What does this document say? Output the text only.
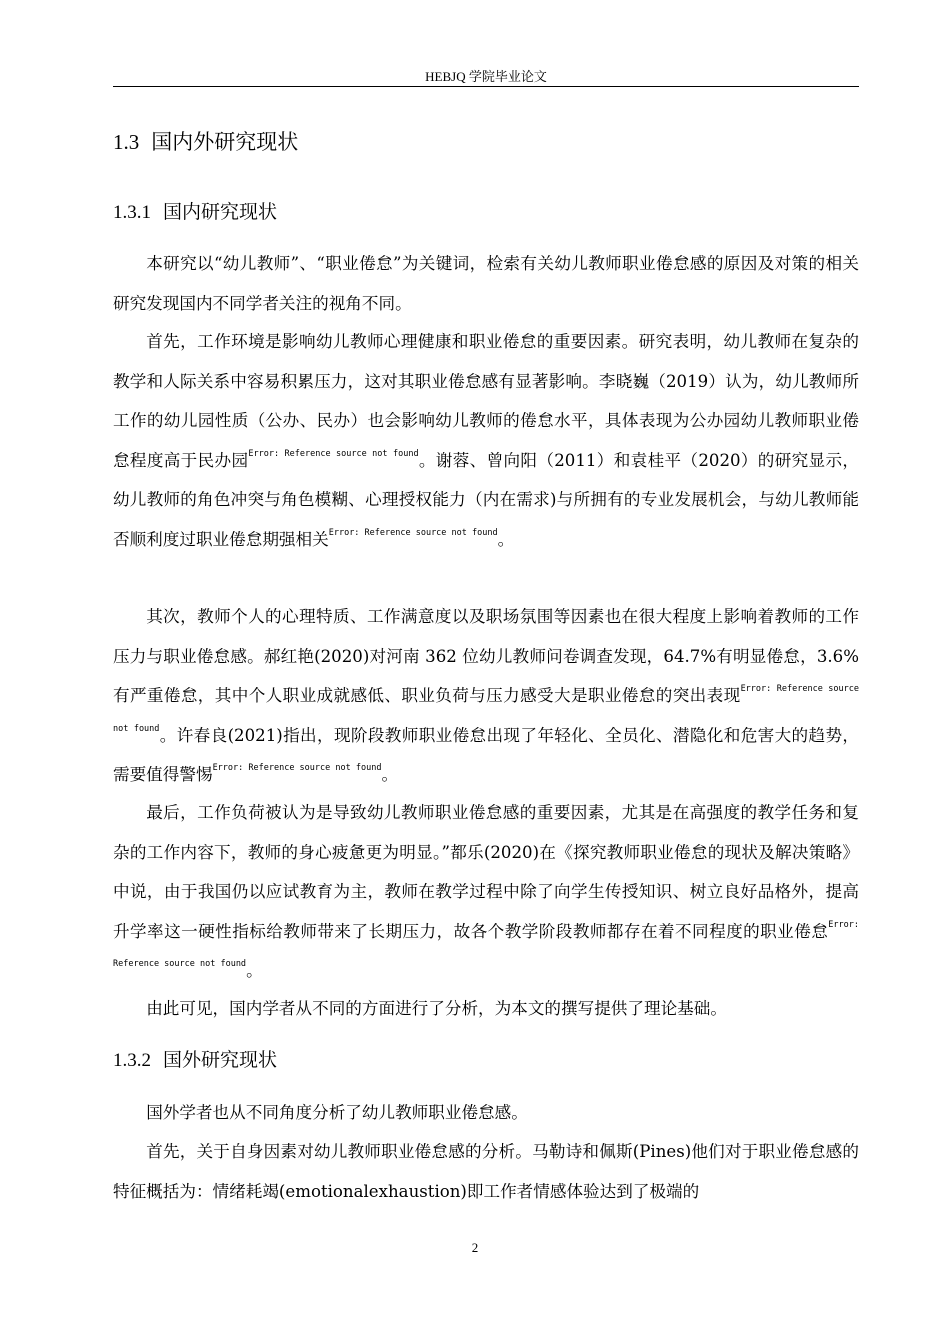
HEBJQ 学院毕业论文
1.3 国内外研究现状
1.3.1 国内研究现状

本研究以“幼儿教师”、“职业倦怠”为关键词，检索有关幼儿教师职业倦怠感的原因及对策的相关研究发现国内不同学者关注的视角不同。

首先，工作环境是影响幼儿教师心理健康和职业倦怠的重要因素。研究表明，幼儿教师在复杂的教学和人际关系中容易积累压力，这对其职业倦怠感有显著影响。李晓巍（2019）认为，幼儿教师所工作的幼儿园性质（公办、民办）也会影响幼儿教师的倦怠水平，具体表现为公办园幼儿教师职业倦怠程度高于民办园$^{Error: Reference source not found}$。谢蓉、曾向阳（2011）和袁桂平（2020）的研究显示，幼儿教师的角色冲突与角色模糊、心理授权能力（内在需求)与所拥有的专业发展机会，与幼儿教师能否顺利度过职业倦怠期强相关$^{Error: Reference source not found}$。

其次，教师个人的心理特质、工作满意度以及职场氛围等因素也在很大程度上影响着教师的工作压力与职业倦怠感。郝红艳(2020)对河南 362 位幼儿教师问卷调查发现，64.7%有明显倦怠，3.6%有严重倦怠，其中个人职业成就感低、职业负荷与压力感受大是职业倦怠的突出表现$^{Error: Reference source not found}$。许春良(2021)指出，现阶段教师职业倦怠出现了年轻化、全员化、潜隐化和危害大的趋势，需要值得警惕$^{Error: Reference source not found}$。

最后，工作负荷被认为是导致幼儿教师职业倦怠感的重要因素，尤其是在高强度的教学任务和复杂的工作内容下，教师的身心疲惫更为明显。”都乐(2020)在《探究教师职业倦怠的现状及解决策略》中说，由于我国仍以应试教育为主，教师在教学过程中除了向学生传授知识、树立良好品格外，提高升学率这一硬性指标给教师带来了长期压力，故各个教学阶段教师都存在着不同程度的职业倦怠$^{Error: Reference source not found}$。

由此可见，国内学者从不同的方面进行了分析，为本文的撰写提供了理论基础。

1.3.2 国外研究现状

国外学者也从不同角度分析了幼儿教师职业倦怠感。

首先，关于自身因素对幼儿教师职业倦怠感的分析。马勒诗和佩斯(Pines)他们对于职业倦怠感的特征概括为：情绪耗竭(emotionalexhaustion)即工作者情感体验达到了极端的

2
